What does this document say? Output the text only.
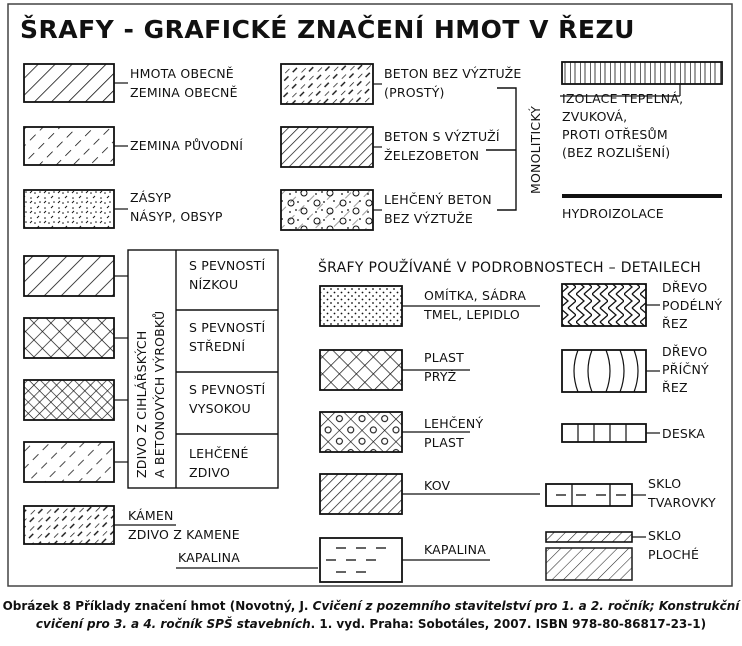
ŠRAFY - GRAFICKÉ ZNAČENÍ HMOT V ŘEZU
HMOTA OBECNĚ
ZEMINA OBECNĚ
ZEMINA PŮVODNÍ
ZÁSYP
NÁSYP, OBSYP
BETON BEZ VÝZTUŽE
(PROSTÝ)
BETON S VÝZTUŽÍ
ŽELEZOBETON
LEHČENÝ BETON
BEZ VÝZTUŽE
MONOLITICKÝ
IZOLACE TEPELNÁ,
ZVUKOVÁ,
PROTI OTŘESŮM
(BEZ ROZLIŠENÍ)
HYDROIZOLACE
ZDIVO Z CIHLÁŘSKÝCH A BETONOVÝCH VÝROBKŮ
S PEVNOSTÍ
NÍZKOU
S PEVNOSTÍ
STŘEDNÍ
S PEVNOSTÍ
VYSOKOU
LEHČENÉ
ZDIVO
KÁMEN
ZDIVO Z KAMENE
KAPALINA
ŠRAFY POUŽÍVANÉ V PODROBNOSTECH – DETAILECH
OMÍTKA, SÁDRA
TMEL, LEPIDLO
PLAST
PRYŽ
LEHČENÝ
PLAST
KOV
KAPALINA
DŘEVO
PODÉLNÝ
ŘEZ
DŘEVO
PŘÍČNÝ
ŘEZ
DESKA
SKLO
TVAROVKY
SKLO
PLOCHÉ
Obrázek 8 Příklady značení hmot (Novotný, J. Cvičení z pozemního stavitelství pro 1. a 2. ročník; Konstrukční cvičení pro 3. a 4. ročník SPŠ stavebních. 1. vyd. Praha: Sobotáles, 2007. ISBN 978-80-86817-23-1)
